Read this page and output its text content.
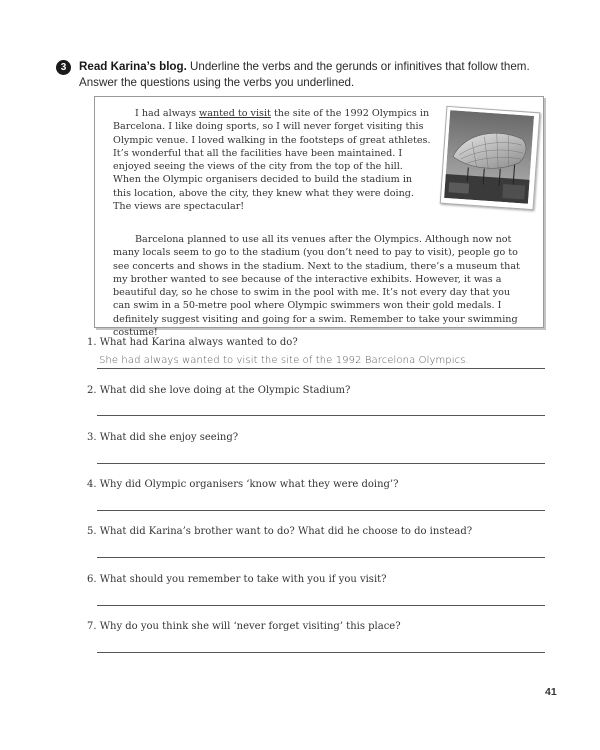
3	Read Karina’s blog. Underline the verbs and the gerunds or infinitives that follow them.
Answer the questions using the verbs you underlined.

I had always wanted to visit the site of the 1992 Olympics in Barcelona. I like doing sports, so I will never forget visiting this Olympic venue. I loved walking in the footsteps of great athletes. It’s wonderful that all the facilities have been maintained. I enjoyed seeing the views of the city from the top of the hill. When the Olympic organisers decided to build the stadium in this location, above the city, they knew what they were doing. The views are spectacular!

Barcelona planned to use all its venues after the Olympics. Although now not many locals seem to go to the stadium (you don’t need to pay to visit), people go to see concerts and shows in the stadium. Next to the stadium, there’s a museum that my brother wanted to see because of the interactive exhibits. However, it was a beautiful day, so he chose to swim in the pool with me. It’s not every day that you can swim in a 50-metre pool where Olympic swimmers won their gold medals. I definitely suggest visiting and going for a swim. Remember to take your swimming costume!

1. What had Karina always wanted to do?

She had always wanted to visit the site of the 1992 Barcelona Olympics.

2. What did she love doing at the Olympic Stadium?

3. What did she enjoy seeing?

4. Why did Olympic organisers ‘know what they were doing’?

5. What did Karina’s brother want to do? What did he choose to do instead?

6. What should you remember to take with you if you visit?

7. Why do you think she will ‘never forget visiting’ this place?

41
